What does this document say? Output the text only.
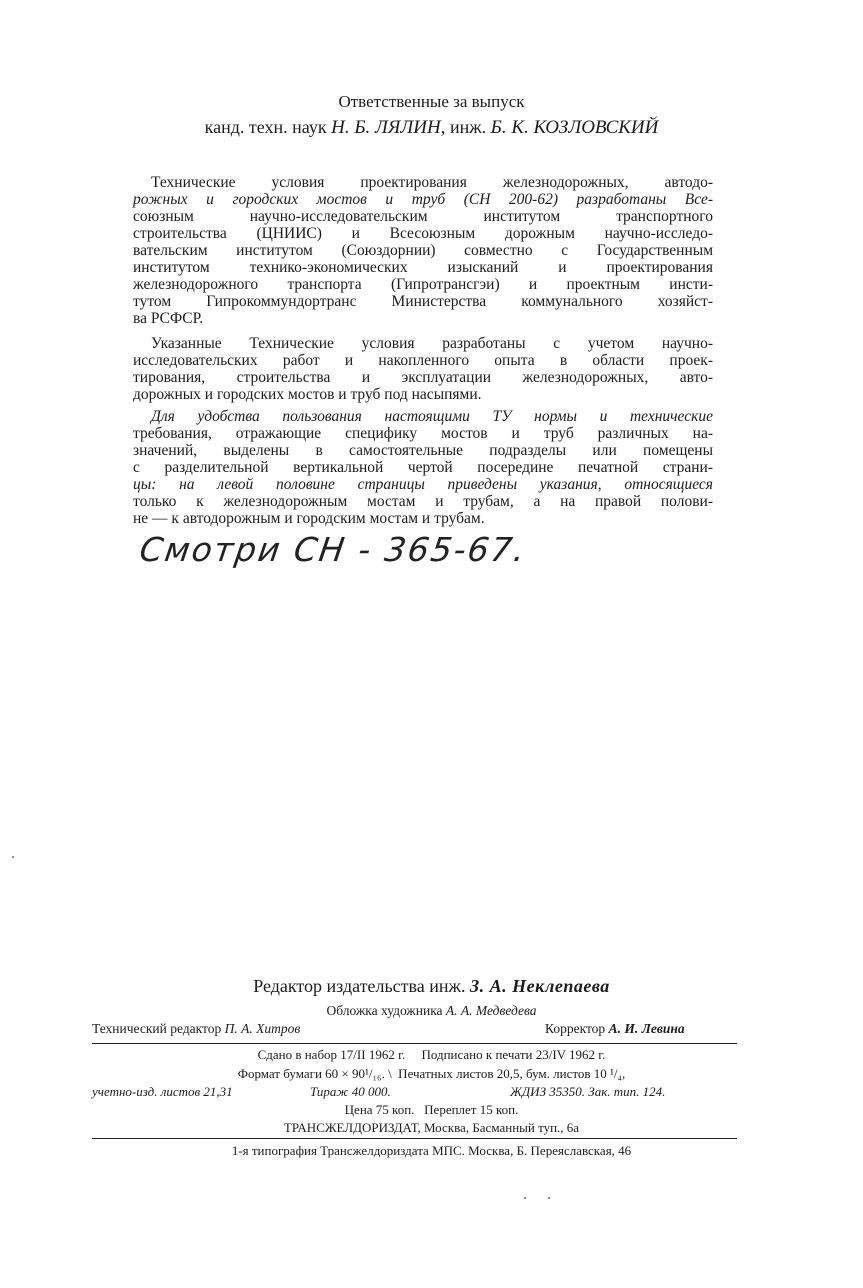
Ответственные за выпуск
канд. техн. наук Н. Б. ЛЯЛИН, инж. Б. К. КОЗЛОВСКИЙ
Технические условия проектирования железнодорожных, автодо-
рожных и городских мостов и труб (СН 200-62) разработаны Все-
союзным научно-исследовательским институтом транспортного
строительства (ЦНИИС) и Всесоюзным дорожным научно-исследо-
вательским институтом (Союздорнии) совместно с Государственным
институтом технико-экономических изысканий и проектирования
железнодорожного транспорта (Гипротрансгэи) и проектным инсти-
тутом Гипрокоммундортранс Министерства коммунального хозяйст-
ва РСФСР.
Указанные Технические условия разработаны с учетом научно-
исследовательских работ и накопленного опыта в области проек-
тирования, строительства и эксплуатации железнодорожных, авто-
дорожных и городских мостов и труб под насыпями.
Для удобства пользования настоящими ТУ нормы и технические
требования, отражающие специфику мостов и труб различных на-
значений, выделены в самостоятельные подразделы или помещены
с разделительной вертикальной чертой посередине печатной страни-
цы: на левой половине страницы приведены указания, относящиеся
только к железнодорожным мостам и трубам, а на правой полови-
не — к автодорожным и городским мостам и трубам.
Смотри СН - 365-67.
Редактор издательства инж. З. А. Неклепаева
Обложка художника А. А. Медведева
Технический редактор П. А. Хитров	Корректор А. И. Левина
Сдано в набор 17/II 1962 г.     Подписано к печати 23/IV 1962 г.
Формат бумаги 60 × 90¹/₁₆. \  Печатных листов 20,5, бум. листов 10 ¹/₄,
учетно-изд. листов 21,31	Тираж 40 000.	ЖДИЗ 35350. Зак. тип. 124.
Цена 75 коп.   Переплет 15 коп.
ТРАНСЖЕЛДОРИЗДАТ, Москва, Басманный туп., 6а
1-я типография Трансжелдориздата МПС. Москва, Б. Переяславская, 46
